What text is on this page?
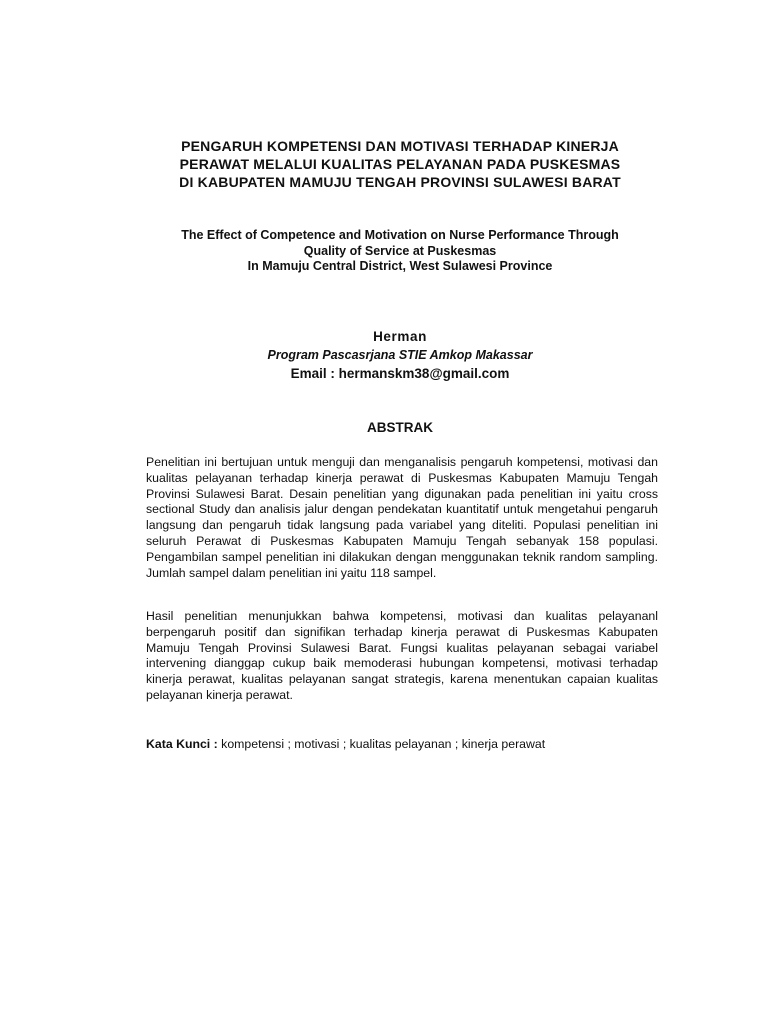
PENGARUH KOMPETENSI DAN MOTIVASI TERHADAP KINERJA
PERAWAT MELALUI KUALITAS PELAYANAN PADA PUSKESMAS
DI KABUPATEN MAMUJU TENGAH PROVINSI SULAWESI BARAT
The Effect of Competence and Motivation on Nurse Performance Through
Quality of Service at Puskesmas
In Mamuju Central District, West Sulawesi Province
Herman
Program Pascasrjana STIE Amkop Makassar
Email : hermanskm38@gmail.com
ABSTRAK
Penelitian ini bertujuan untuk menguji dan menganalisis pengaruh kompetensi, motivasi dan kualitas pelayanan terhadap kinerja perawat di Puskesmas Kabupaten Mamuju Tengah Provinsi Sulawesi Barat. Desain penelitian yang digunakan pada penelitian ini yaitu cross sectional Study dan analisis jalur dengan pendekatan kuantitatif untuk mengetahui pengaruh langsung dan pengaruh tidak langsung pada variabel yang diteliti. Populasi penelitian ini seluruh Perawat di Puskesmas Kabupaten Mamuju Tengah sebanyak 158 populasi. Pengambilan sampel penelitian ini dilakukan dengan menggunakan teknik random sampling. Jumlah sampel dalam penelitian ini yaitu 118 sampel.
Hasil penelitian menunjukkan bahwa kompetensi, motivasi dan kualitas pelayananl berpengaruh positif dan signifikan terhadap kinerja perawat di Puskesmas Kabupaten Mamuju Tengah Provinsi Sulawesi Barat. Fungsi kualitas pelayanan sebagai variabel intervening dianggap cukup baik memoderasi hubungan kompetensi, motivasi terhadap kinerja perawat, kualitas pelayanan sangat strategis, karena menentukan capaian kualitas pelayanan kinerja perawat.
Kata Kunci : kompetensi ; motivasi ; kualitas pelayanan ; kinerja perawat
